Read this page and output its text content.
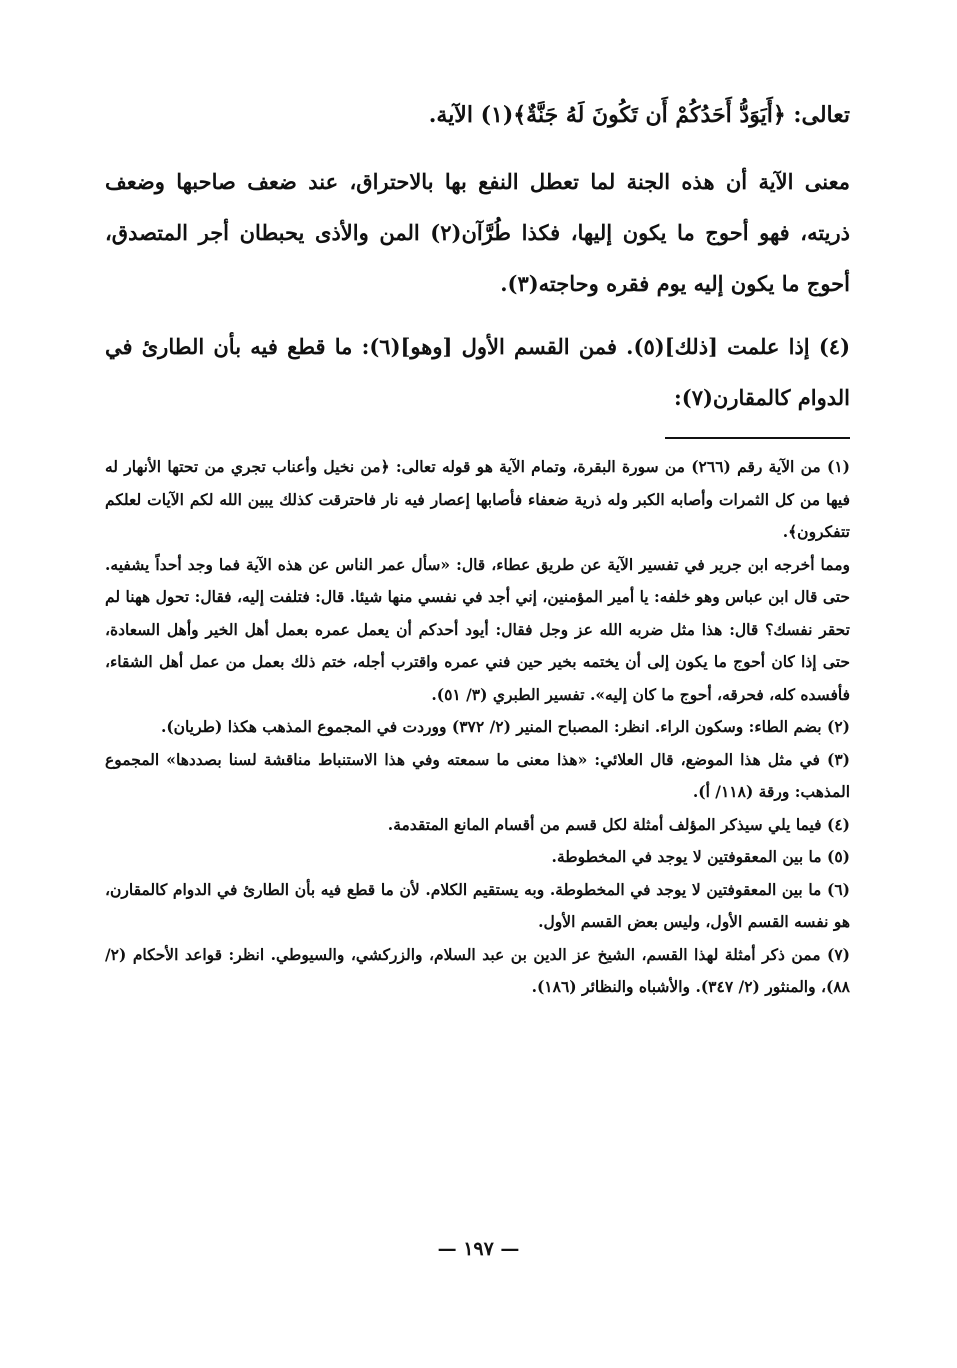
تعالى: ﴿أَيَوَدُّ أَحَدُكُمْ أَن تَكُونَ لَهُ جَنَّةٌ﴾(١) الآية.

معنى الآية أن هذه الجنة لما تعطل النفع بها بالاحتراق، عند ضعف صاحبها وضعف ذريته، فهو أحوج ما يكون إليها، فكذا طُرَّآن(٢) المن والأذى يحبطان أجر المتصدق، أحوج ما يكون إليه يوم فقره وحاجته(٣).

(٤) إذا علمت [ذلك](٥). فمن القسم الأول [وهو](٦): ما قطع فيه بأن الطارئ في الدوام كالمقارن(٧):

(١) من الآية رقم (٢٦٦) من سورة البقرة، وتمام الآية هو قوله تعالى: ﴿من نخيل وأعناب تجري من تحتها الأنهار له فيها من كل الثمرات وأصابه الكبر وله ذرية ضعفاء فأصابها إعصار فيه نار فاحترقت كذلك يبين الله لكم الآيات لعلكم تتفكرون﴾.

ومما أخرجه ابن جرير في تفسير الآية عن طريق عطاء، قال: «سأل عمر الناس عن هذه الآية فما وجد أحداً يشفيه. حتى قال ابن عباس وهو خلفه: يا أمير المؤمنين، إني أجد في نفسي منها شيئا. قال: فتلفت إليه، فقال: تحول ههنا لم تحقر نفسك؟ قال: هذا مثل ضربه الله عز وجل فقال: أيود أحدكم أن يعمل عمره بعمل أهل الخير وأهل السعادة، حتى إذا كان أحوج ما يكون إلى أن يختمه بخير حين فني عمره واقترب أجله، ختم ذلك بعمل من عمل أهل الشقاء، فأفسده كله، فحرقه، أحوج ما كان إليه». تفسير الطبري (٣/ ٥١).

(٢) بضم الطاء: وسكون الراء. انظر: المصباح المنير (٢/ ٣٧٢) ووردت في المجموع المذهب هكذا (طريان).

(٣) في مثل هذا الموضع، قال العلائي: «هذا معنى ما سمعته وفي هذا الاستنباط مناقشة لسنا بصددها» المجموع المذهب: ورقة (١١٨/ أ).

(٤) فيما يلي سيذكر المؤلف أمثلة لكل قسم من أقسام المانع المتقدمة.

(٥) ما بين المعقوفتين لا يوجد في المخطوطة.

(٦) ما بين المعقوفتين لا يوجد في المخطوطة. وبه يستقيم الكلام. لأن ما قطع فيه بأن الطارئ في الدوام كالمقارن، هو نفسه القسم الأول، وليس بعض القسم الأول.

(٧) ممن ذكر أمثلة لهذا القسم، الشيخ عز الدين بن عبد السلام، والزركشي، والسيوطي. انظر: قواعد الأحكام (٢/ ٨٨)، والمنثور (٢/ ٣٤٧). والأشباه والنظائر (١٨٦).

— ١٩٧ —
